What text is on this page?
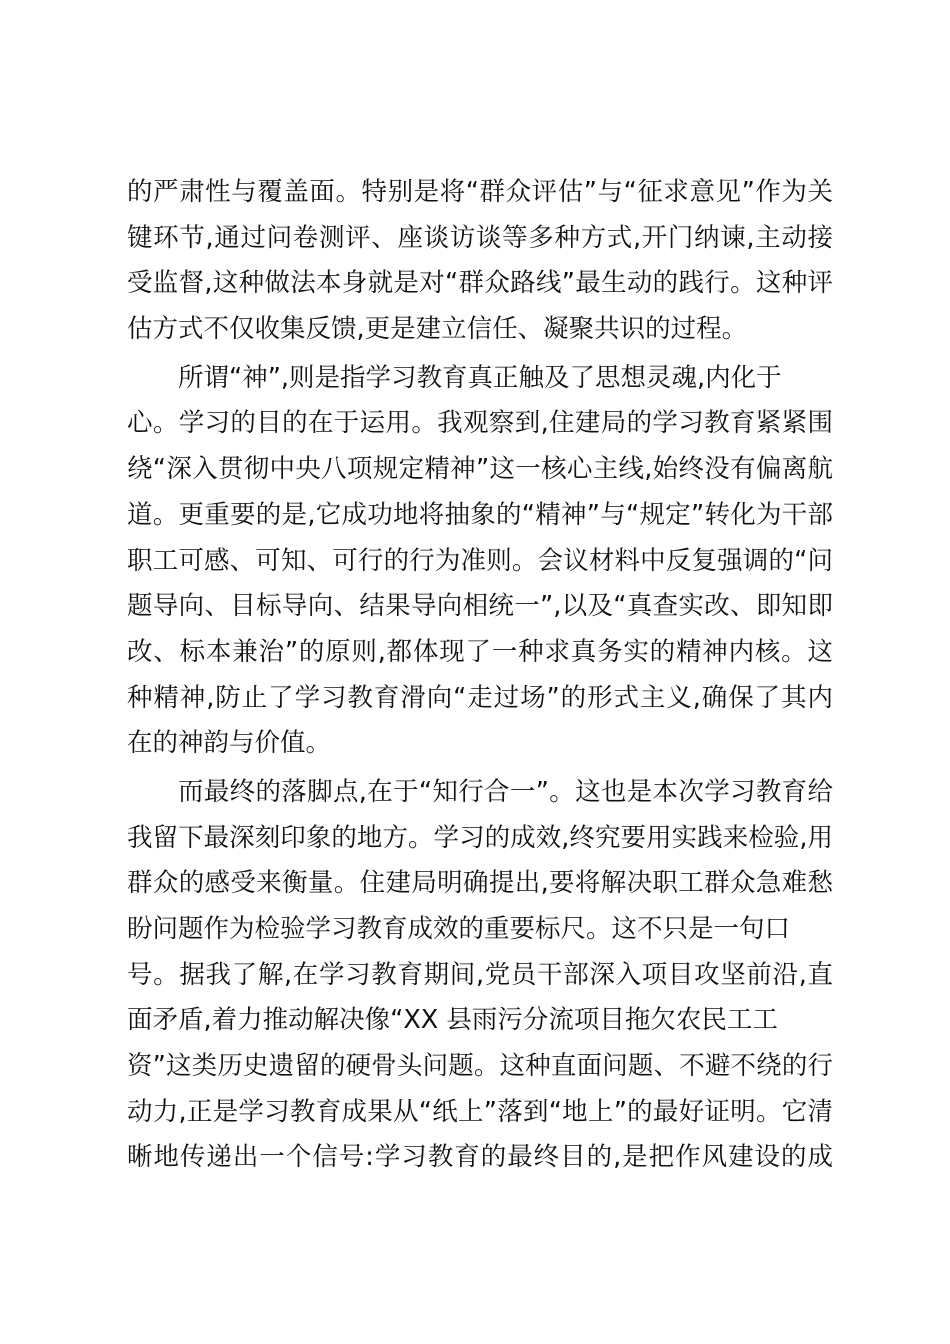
的严肃性与覆盖面。特别是将“群众评估”与“征求意见”作为关
键环节,通过问卷测评、座谈访谈等多种方式,开门纳谏,主动接
受监督,这种做法本身就是对“群众路线”最生动的践行。这种评
估方式不仅收集反馈,更是建立信任、凝聚共识的过程。
所谓“神”,则是指学习教育真正触及了思想灵魂,内化于
心。学习的目的在于运用。我观察到,住建局的学习教育紧紧围
绕“深入贯彻中央八项规定精神”这一核心主线,始终没有偏离航
道。更重要的是,它成功地将抽象的“精神”与“规定”转化为干部
职工可感、可知、可行的行为准则。会议材料中反复强调的“问
题导向、目标导向、结果导向相统一”,以及“真查实改、即知即
改、标本兼治”的原则,都体现了一种求真务实的精神内核。这
种精神,防止了学习教育滑向“走过场”的形式主义,确保了其内
在的神韵与价值。
而最终的落脚点,在于“知行合一”。这也是本次学习教育给
我留下最深刻印象的地方。学习的成效,终究要用实践来检验,用
群众的感受来衡量。住建局明确提出,要将解决职工群众急难愁
盼问题作为检验学习教育成效的重要标尺。这不只是一句口
号。据我了解,在学习教育期间,党员干部深入项目攻坚前沿,直
面矛盾,着力推动解决像“XX 县雨污分流项目拖欠农民工工
资”这类历史遗留的硬骨头问题。这种直面问题、不避不绕的行
动力,正是学习教育成果从“纸上”落到“地上”的最好证明。它清
晰地传递出一个信号:学习教育的最终目的,是把作风建设的成
